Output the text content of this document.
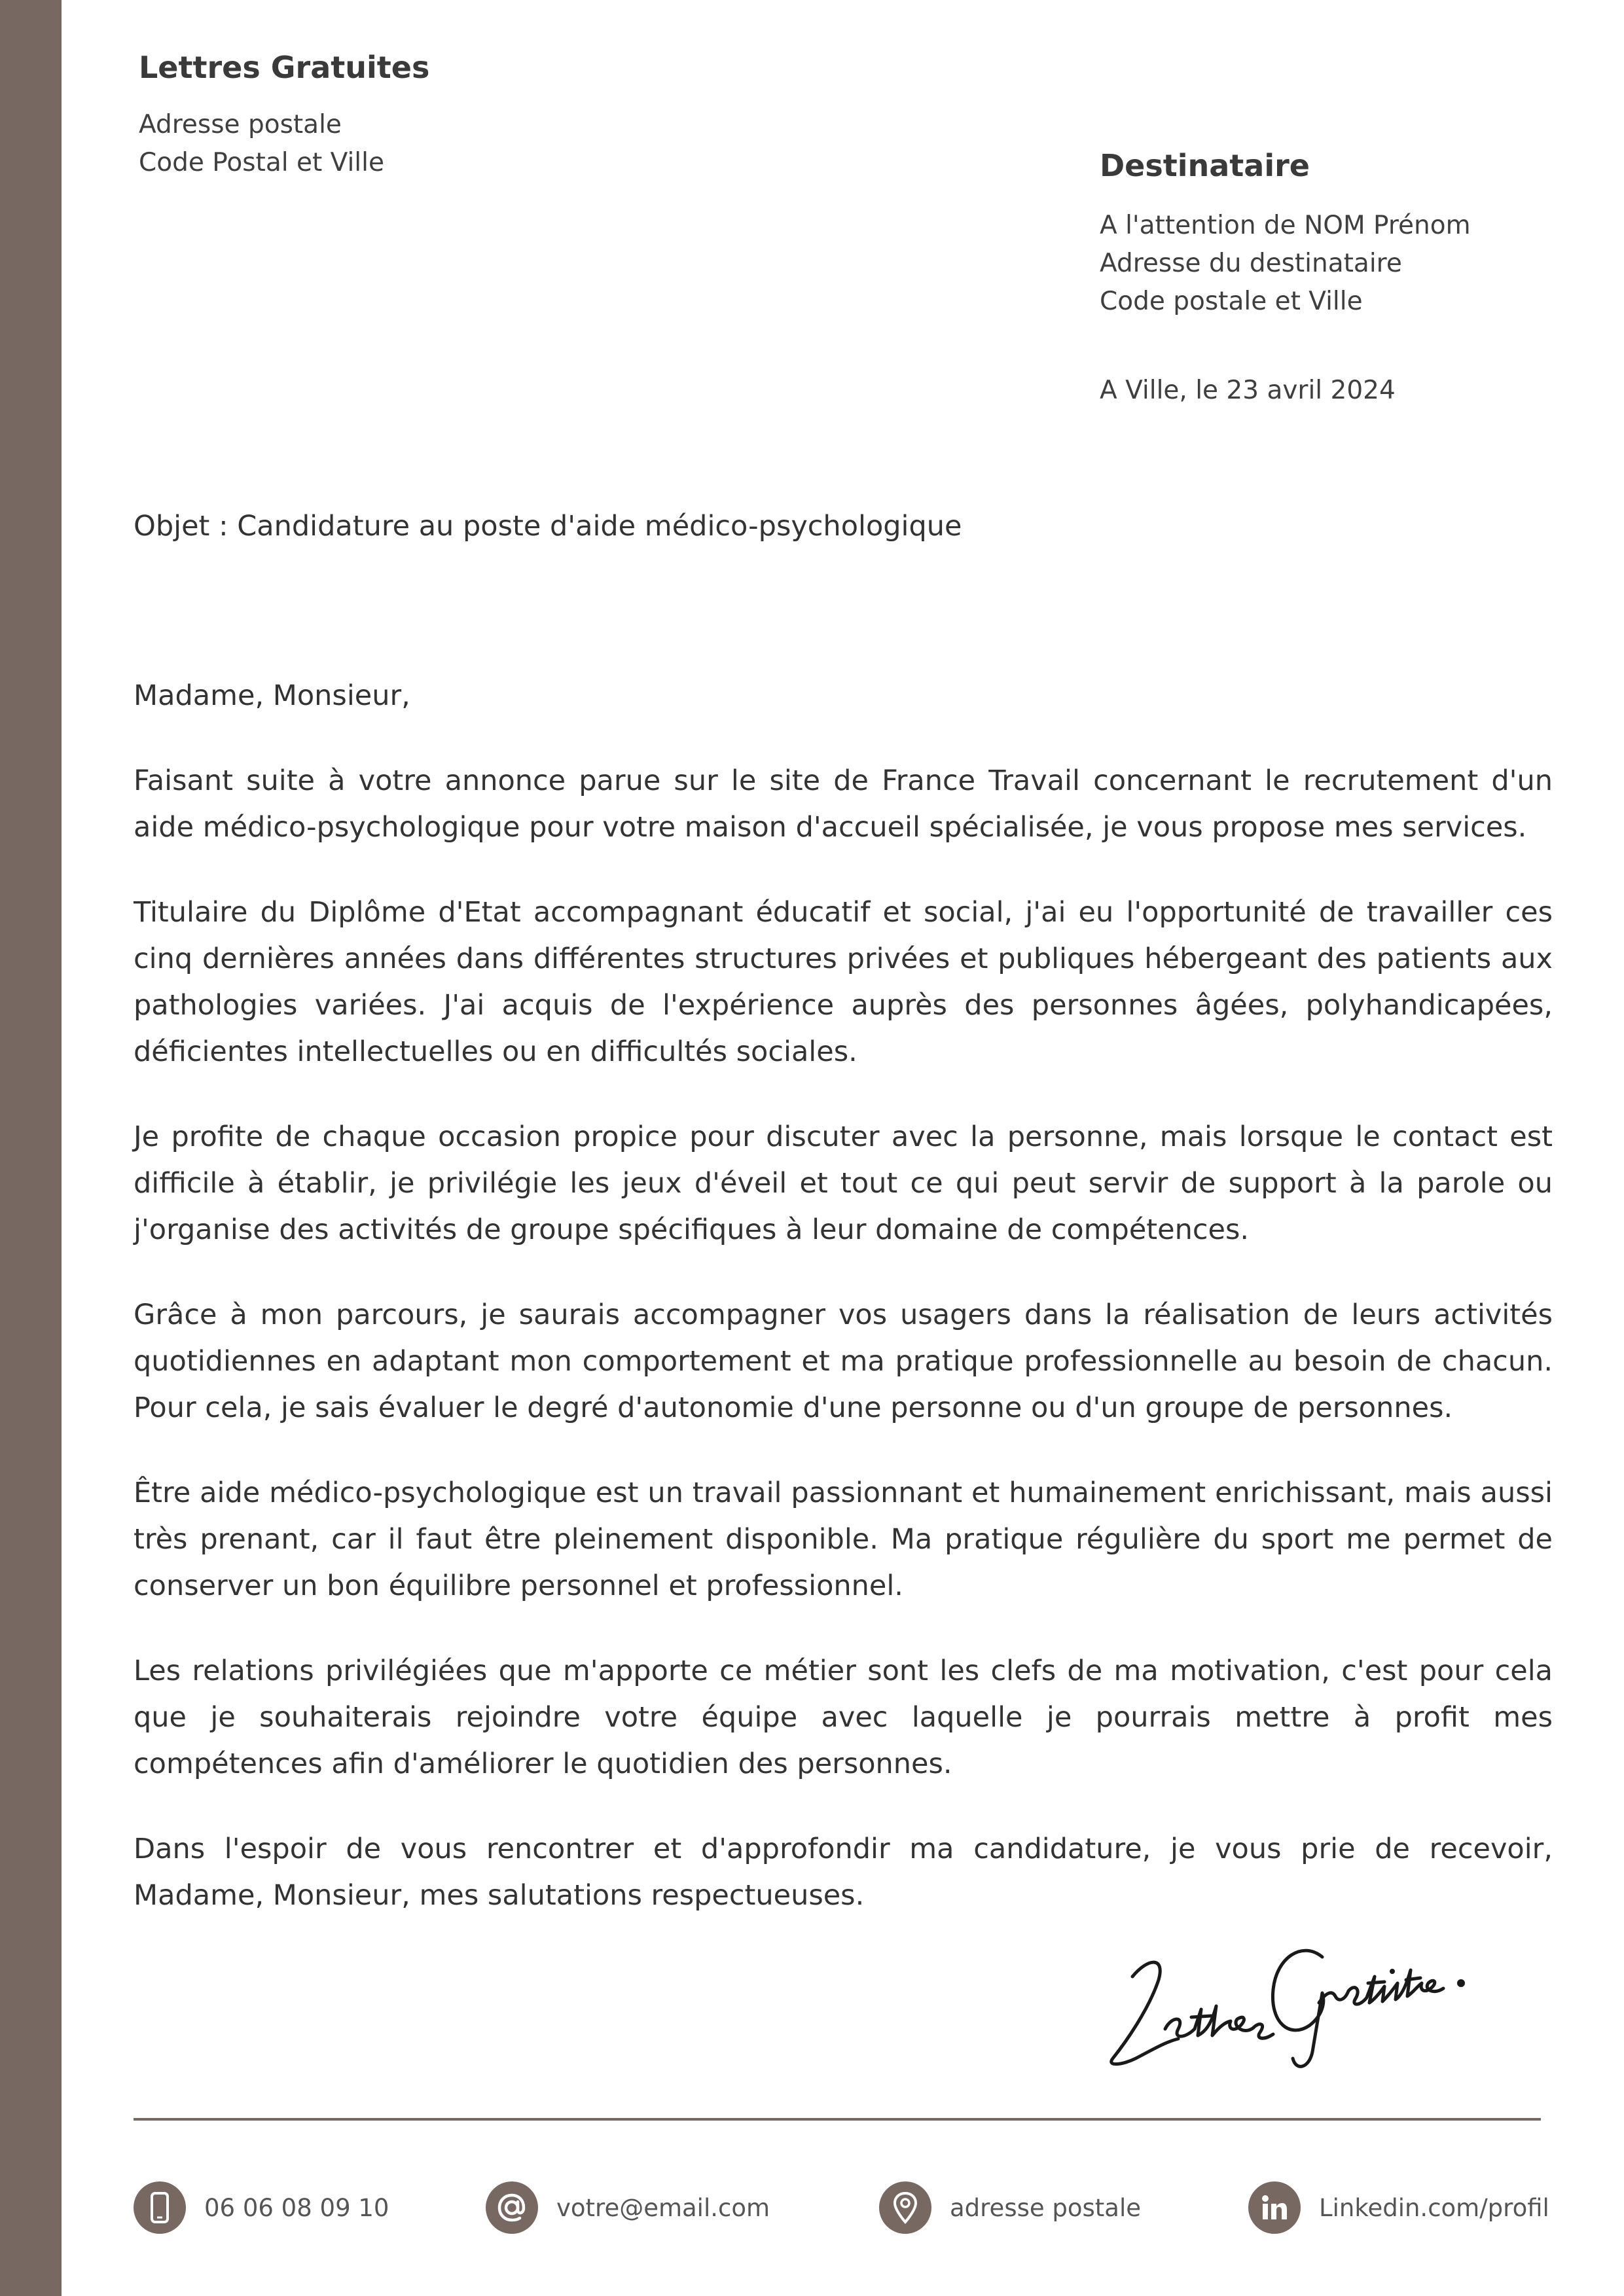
Lettres Gratuites
Adresse postale
Code Postal et Ville	Destinataire
A l'attention de NOM Prénom
Adresse du destinataire
Code postale et Ville
A Ville, le 23 avril 2024
Objet : Candidature au poste d'aide médico-psychologique

Madame, Monsieur,

Faisant suite à votre annonce parue sur le site de France Travail concernant le recrutement d'un aide médico-psychologique pour votre maison d'accueil spécialisée, je vous propose mes services.

Titulaire du Diplôme d'Etat accompagnant éducatif et social, j'ai eu l'opportunité de travailler ces cinq dernières années dans différentes structures privées et publiques hébergeant des patients aux pathologies variées. J'ai acquis de l'expérience auprès des personnes âgées, polyhandicapées, déficientes intellectuelles ou en difficultés sociales.

Je profite de chaque occasion propice pour discuter avec la personne, mais lorsque le contact est difficile à établir, je privilégie les jeux d'éveil et tout ce qui peut servir de support à la parole ou j'organise des activités de groupe spécifiques à leur domaine de compétences.

Grâce à mon parcours, je saurais accompagner vos usagers dans la réalisation de leurs activités quotidiennes en adaptant mon comportement et ma pratique professionnelle au besoin de chacun. Pour cela, je sais évaluer le degré d'autonomie d'une personne ou d'un groupe de personnes.

Être aide médico-psychologique est un travail passionnant et humainement enrichissant, mais aussi très prenant, car il faut être pleinement disponible. Ma pratique régulière du sport me permet de conserver un bon équilibre personnel et professionnel.

Les relations privilégiées que m'apporte ce métier sont les clefs de ma motivation, c'est pour cela que je souhaiterais rejoindre votre équipe avec laquelle je pourrais mettre à profit mes compétences afin d'améliorer le quotidien des personnes.

Dans l'espoir de vous rencontrer et d'approfondir ma candidature, je vous prie de recevoir, Madame, Monsieur, mes salutations respectueuses.

06 06 08 09 10	votre@email.com	adresse postale	Linkedin.com/profil
